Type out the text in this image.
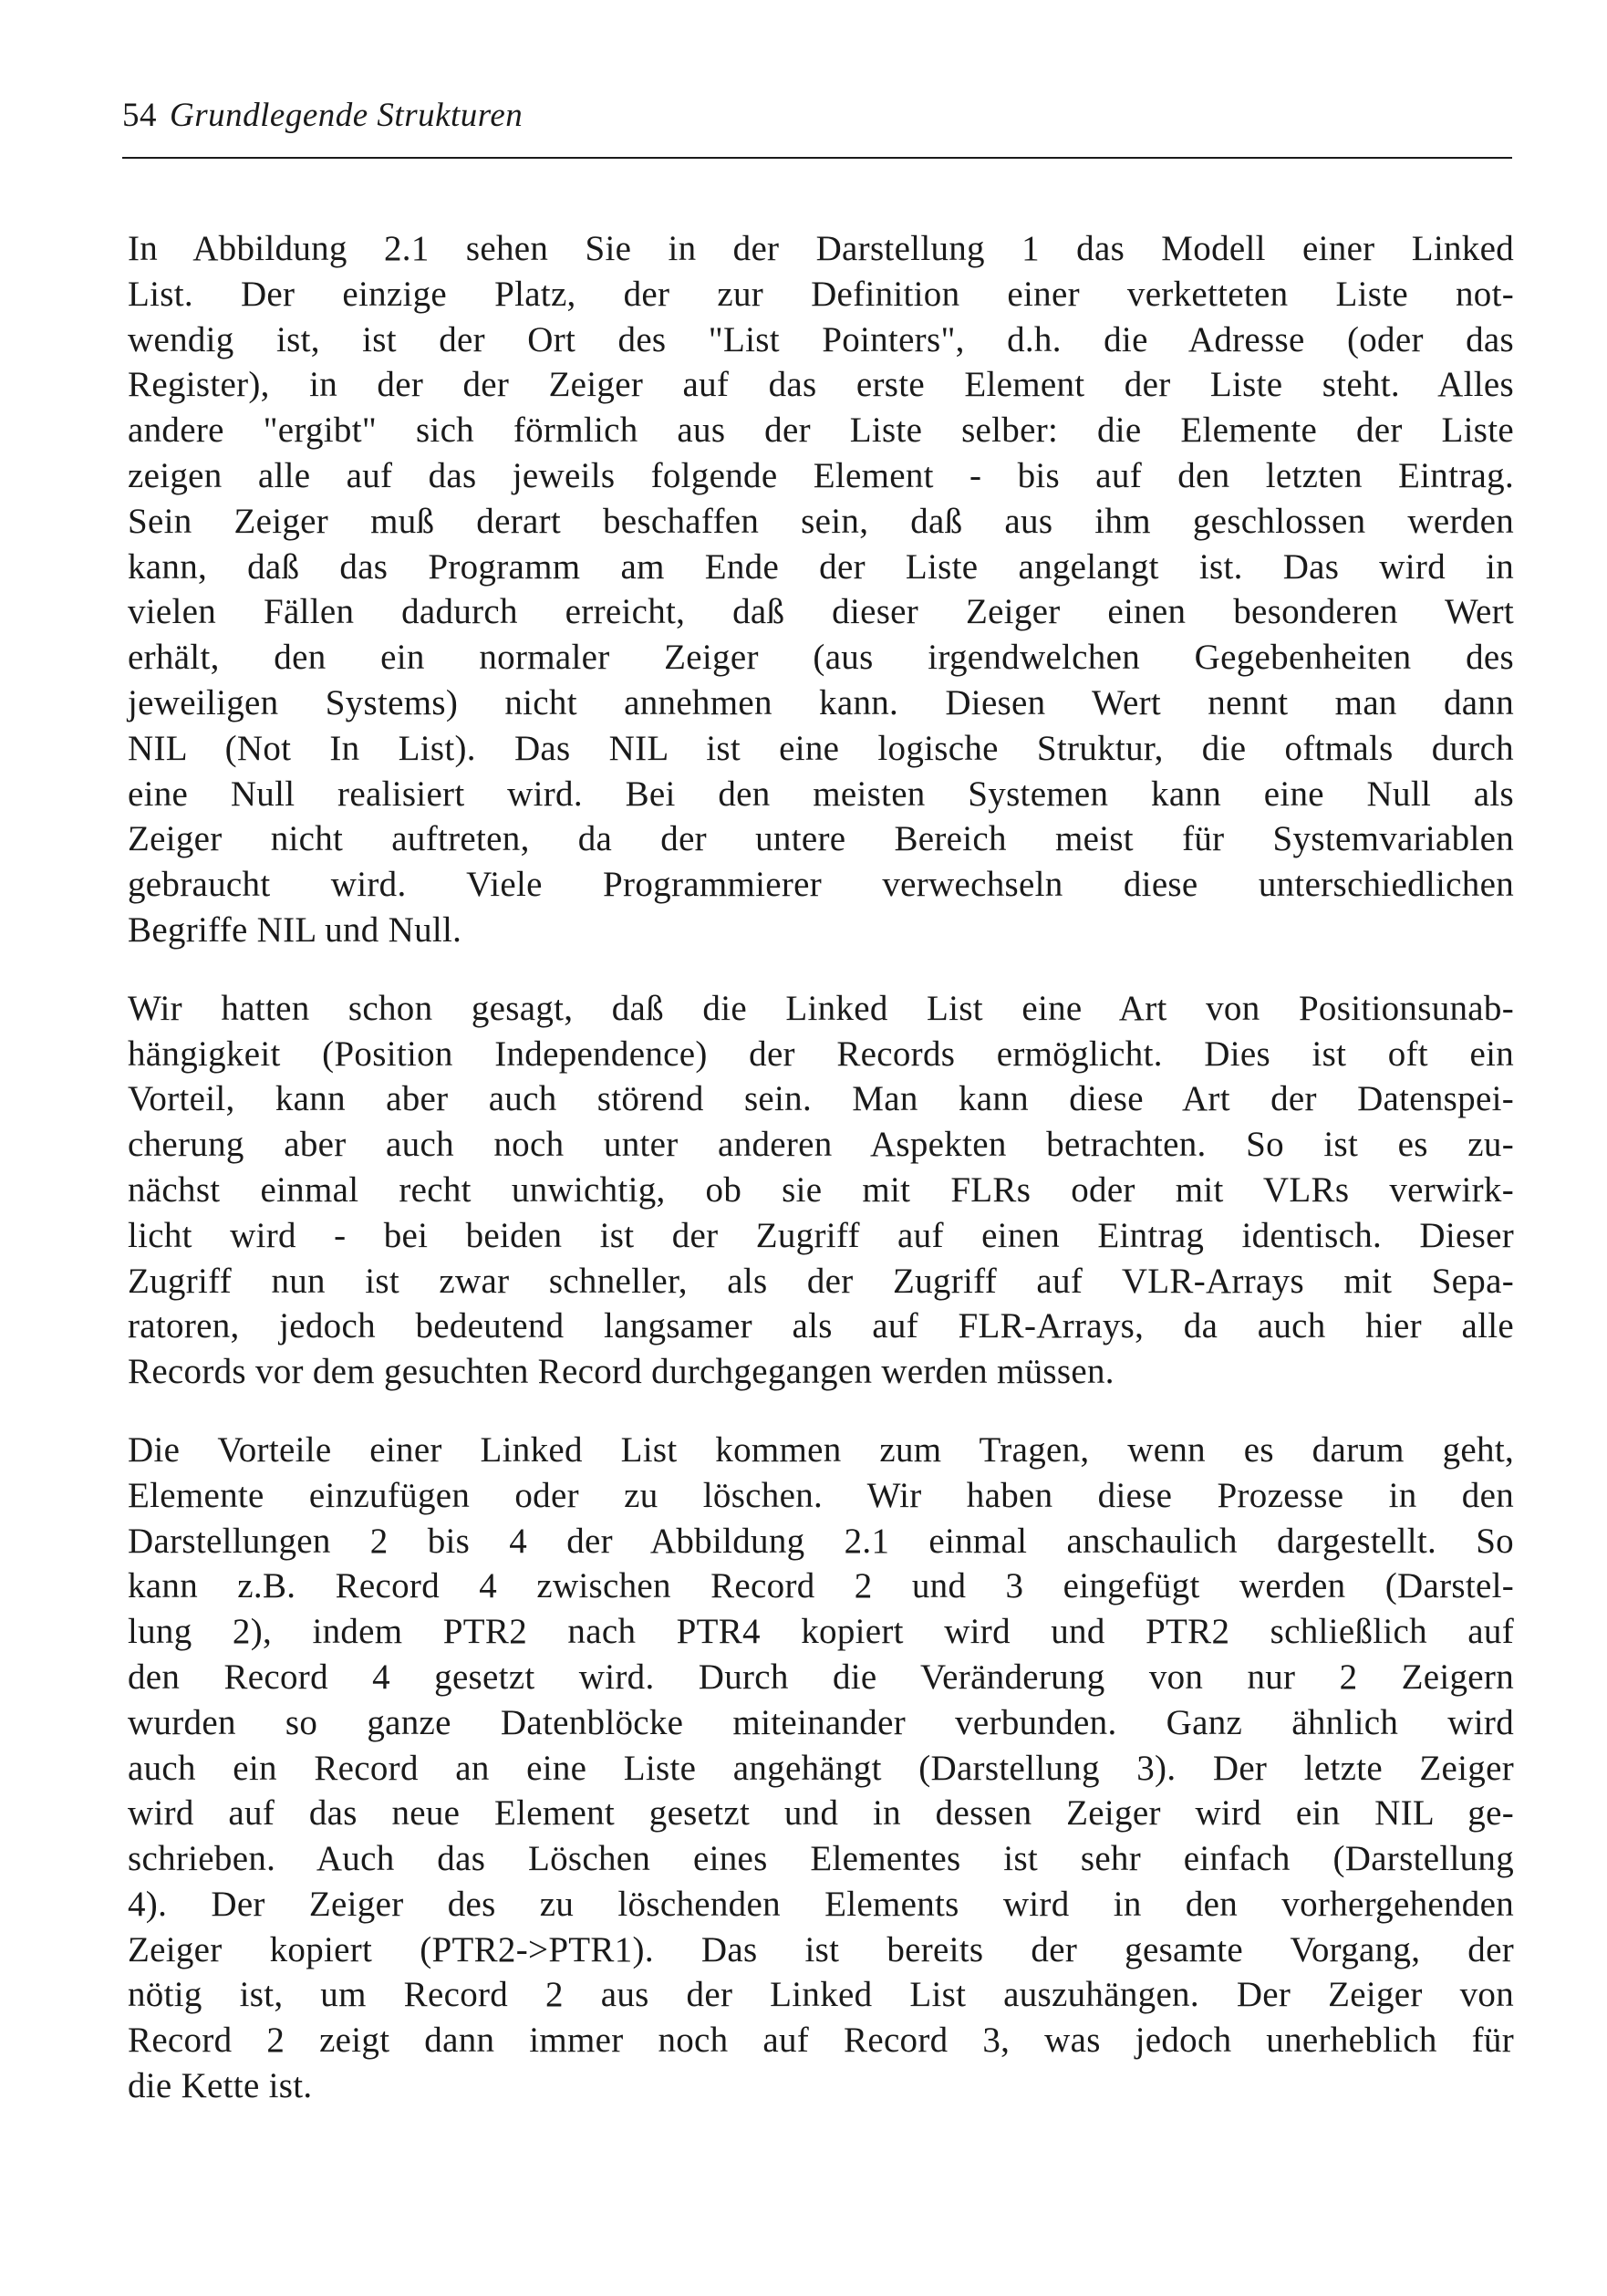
54 Grundlegende Strukturen
In Abbildung 2.1 sehen Sie in der Darstellung 1 das Modell einer Linked
List. Der einzige Platz, der zur Definition einer verketteten Liste not-
wendig ist, ist der Ort des "List Pointers", d.h. die Adresse (oder das
Register), in der der Zeiger auf das erste Element der Liste steht. Alles
andere "ergibt" sich förmlich aus der Liste selber: die Elemente der Liste
zeigen alle auf das jeweils folgende Element - bis auf den letzten Eintrag.
Sein Zeiger muß derart beschaffen sein, daß aus ihm geschlossen werden
kann, daß das Programm am Ende der Liste angelangt ist. Das wird in
vielen Fällen dadurch erreicht, daß dieser Zeiger einen besonderen Wert
erhält, den ein normaler Zeiger (aus irgendwelchen Gegebenheiten des
jeweiligen Systems) nicht annehmen kann. Diesen Wert nennt man dann
NIL (Not In List). Das NIL ist eine logische Struktur, die oftmals durch
eine Null realisiert wird. Bei den meisten Systemen kann eine Null als
Zeiger nicht auftreten, da der untere Bereich meist für Systemvariablen
gebraucht wird. Viele Programmierer verwechseln diese unterschiedlichen
Begriffe NIL und Null.
Wir hatten schon gesagt, daß die Linked List eine Art von Positionsunab-
hängigkeit (Position Independence) der Records ermöglicht. Dies ist oft ein
Vorteil, kann aber auch störend sein. Man kann diese Art der Datenspei-
cherung aber auch noch unter anderen Aspekten betrachten. So ist es zu-
nächst einmal recht unwichtig, ob sie mit FLRs oder mit VLRs verwirk-
licht wird - bei beiden ist der Zugriff auf einen Eintrag identisch. Dieser
Zugriff nun ist zwar schneller, als der Zugriff auf VLR-Arrays mit Sepa-
ratoren, jedoch bedeutend langsamer als auf FLR-Arrays, da auch hier alle
Records vor dem gesuchten Record durchgegangen werden müssen.
Die Vorteile einer Linked List kommen zum Tragen, wenn es darum geht,
Elemente einzufügen oder zu löschen. Wir haben diese Prozesse in den
Darstellungen 2 bis 4 der Abbildung 2.1 einmal anschaulich dargestellt. So
kann z.B. Record 4 zwischen Record 2 und 3 eingefügt werden (Darstel-
lung 2), indem PTR2 nach PTR4 kopiert wird und PTR2 schließlich auf
den Record 4 gesetzt wird. Durch die Veränderung von nur 2 Zeigern
wurden so ganze Datenblöcke miteinander verbunden. Ganz ähnlich wird
auch ein Record an eine Liste angehängt (Darstellung 3). Der letzte Zeiger
wird auf das neue Element gesetzt und in dessen Zeiger wird ein NIL ge-
schrieben. Auch das Löschen eines Elementes ist sehr einfach (Darstellung
4). Der Zeiger des zu löschenden Elements wird in den vorhergehenden
Zeiger kopiert (PTR2->PTR1). Das ist bereits der gesamte Vorgang, der
nötig ist, um Record 2 aus der Linked List auszuhängen. Der Zeiger von
Record 2 zeigt dann immer noch auf Record 3, was jedoch unerheblich für
die Kette ist.
